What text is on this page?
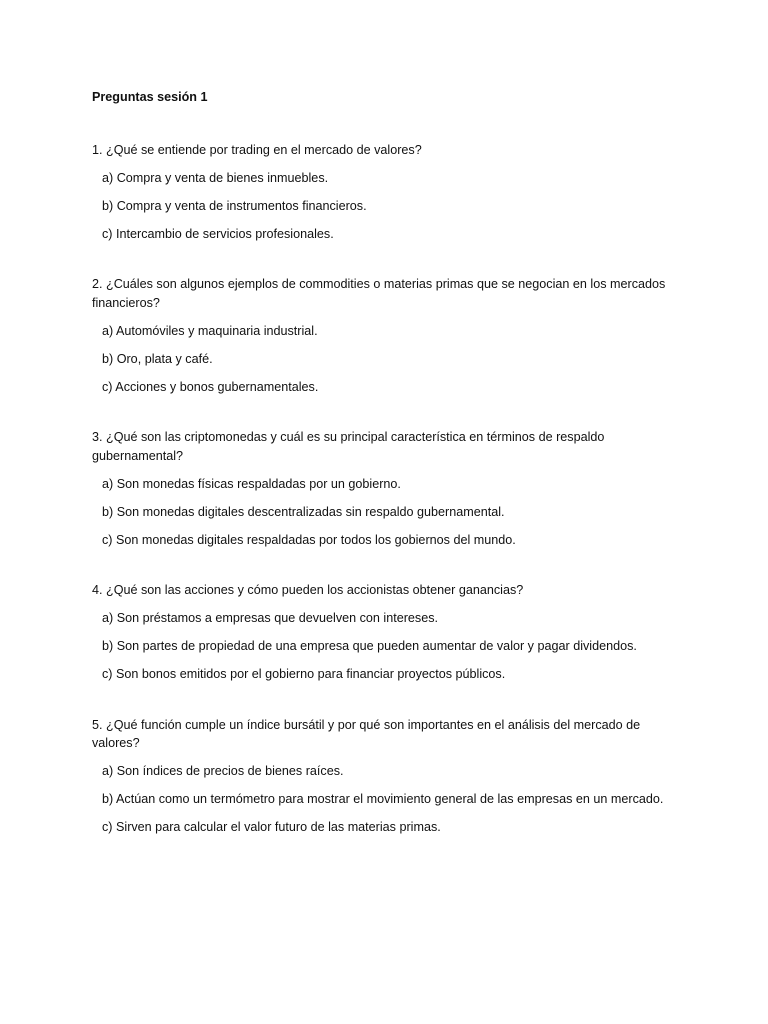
Preguntas sesión 1

1. ¿Qué se entiende por trading en el mercado de valores?

a) Compra y venta de bienes inmuebles.

b) Compra y venta de instrumentos financieros.

c) Intercambio de servicios profesionales.

2. ¿Cuáles son algunos ejemplos de commodities o materias primas que se negocian en los mercados financieros?

a) Automóviles y maquinaria industrial.

b) Oro, plata y café.

c) Acciones y bonos gubernamentales.

3. ¿Qué son las criptomonedas y cuál es su principal característica en términos de respaldo gubernamental?

a) Son monedas físicas respaldadas por un gobierno.

b) Son monedas digitales descentralizadas sin respaldo gubernamental.

c) Son monedas digitales respaldadas por todos los gobiernos del mundo.

4. ¿Qué son las acciones y cómo pueden los accionistas obtener ganancias?

a) Son préstamos a empresas que devuelven con intereses.

b) Son partes de propiedad de una empresa que pueden aumentar de valor y pagar dividendos.

c) Son bonos emitidos por el gobierno para financiar proyectos públicos.

5. ¿Qué función cumple un índice bursátil y por qué son importantes en el análisis del mercado de valores?

a) Son índices de precios de bienes raíces.

b) Actúan como un termómetro para mostrar el movimiento general de las empresas en un mercado.

c) Sirven para calcular el valor futuro de las materias primas.
